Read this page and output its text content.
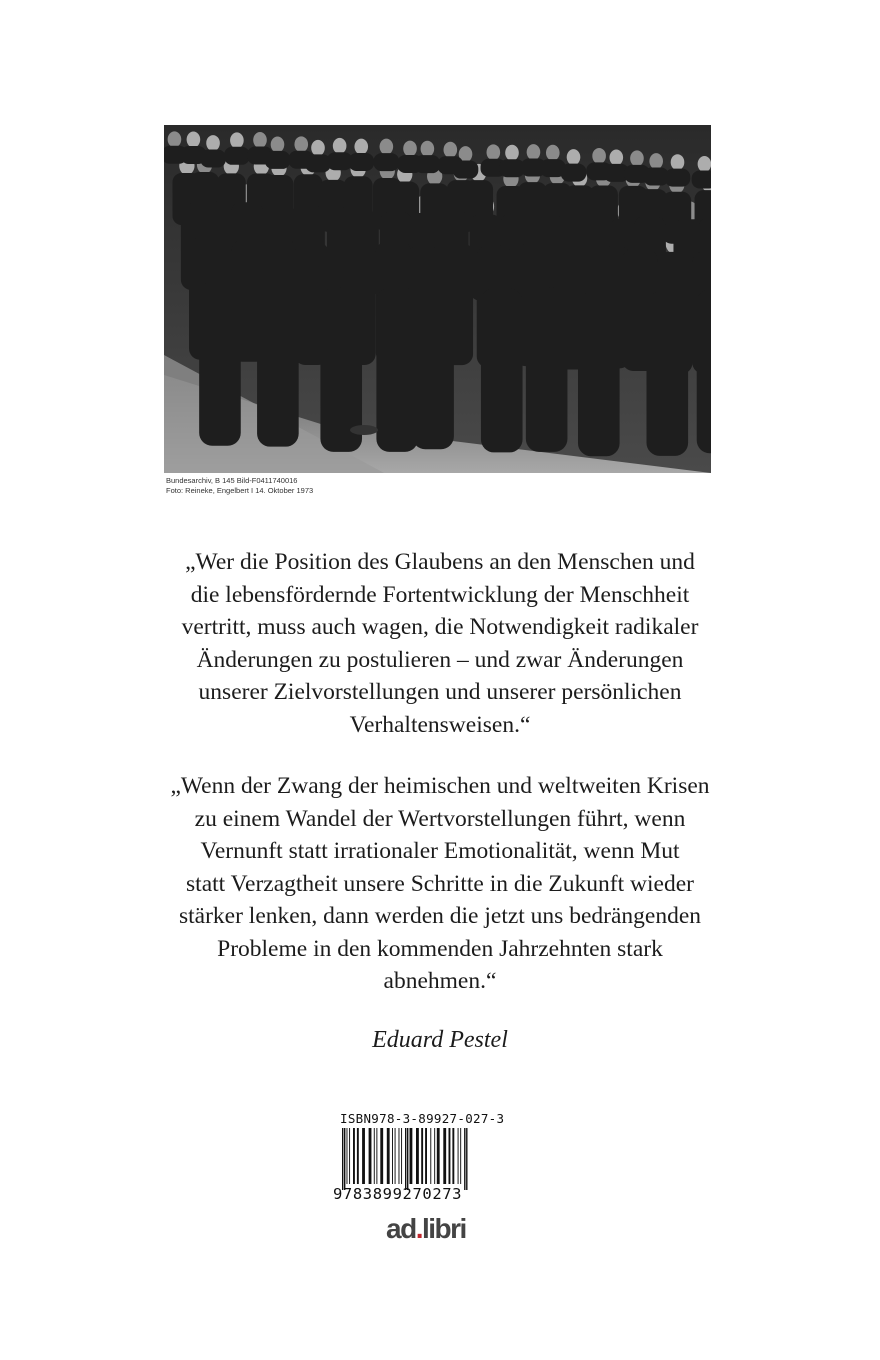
Bundesarchiv, B 145 Bild-F0411740016
Foto: Reineke, Engelbert I 14. Oktober 1973
„Wer die Position des Glaubens an den Menschen und
die lebensfördernde Fortentwicklung der Menschheit
vertritt, muss auch wagen, die Notwendigkeit radikaler
Änderungen zu postulieren – und zwar Änderungen
unserer Zielvorstellungen und unserer persönlichen
Verhaltensweisen.“
„Wenn der Zwang der heimischen und weltweiten Krisen
zu einem Wandel der Wertvorstellungen führt, wenn
Vernunft statt irrationaler Emotionalität, wenn Mut
statt Verzagtheit unsere Schritte in die Zukunft wieder
stärker lenken, dann werden die jetzt uns bedrängenden
Probleme in den kommenden Jahrzehnten stark
abnehmen.“
Eduard Pestel
ISBN978-3-89927-027-3
9783899270273
ad.libri
